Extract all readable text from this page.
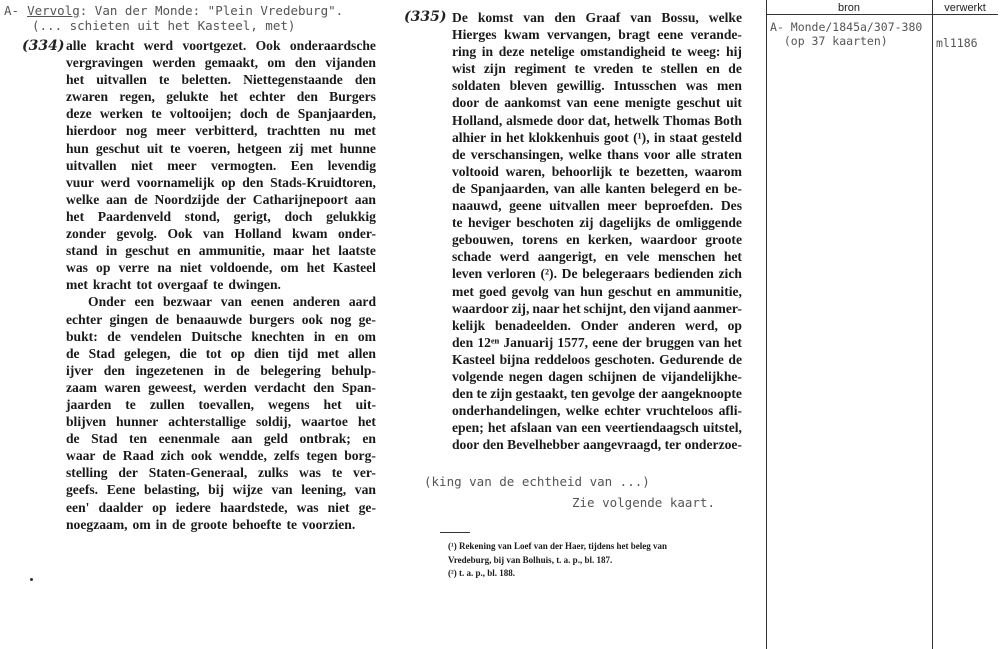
A- Vervolg: Van der Monde: "Plein Vredeburg".
(... schieten uit het Kasteel, met)
(334)
(335)
alle kracht werd voortgezet. Ook onderaardsche
vergravingen werden gemaakt, om den vijanden
het uitvallen te beletten. Niettegenstaande den
zwaren regen, gelukte het echter den Burgers
deze werken te voltooijen; doch de Spanjaarden,
hierdoor nog meer verbitterd, trachtten nu met
hun geschut uit te voeren, hetgeen zij met hunne
uitvallen niet meer vermogten. Een levendig
vuur werd voornamelijk op den Stads-Kruidtoren,
welke aan de Noordzijde der Catharijnepoort aan
het Paardenveld stond, gerigt, doch gelukkig
zonder gevolg. Ook van Holland kwam onder-
stand in geschut en ammunitie, maar het laatste
was op verre na niet voldoende, om het Kasteel
met kracht tot overgaaf te dwingen.
Onder een bezwaar van eenen anderen aard
echter gingen de benaauwde burgers ook nog ge-
bukt: de vendelen Duitsche knechten in en om
de Stad gelegen, die tot op dien tijd met allen
ijver den ingezetenen in de belegering behulp-
zaam waren geweest, werden verdacht den Span-
jaarden te zullen toevallen, wegens het uit-
blijven hunner achterstallige soldij, waartoe het
de Stad ten eenenmale aan geld ontbrak; en
waar de Raad zich ook wendde, zelfs tegen borg-
stelling der Staten-Generaal, zulks was te ver-
geefs. Eene belasting, bij wijze van leening, van
een' daalder op iedere haardstede, was niet ge-
noegzaam, om in de groote behoefte te voorzien.
De komst van den Graaf van Bossu, welke
Hierges kwam vervangen, bragt eene verande-
ring in deze netelige omstandigheid te weeg: hij
wist zijn regiment te vreden te stellen en de
soldaten bleven gewillig. Intusschen was men
door de aankomst van eene menigte geschut uit
Holland, alsmede door dat, hetwelk Thomas Both
alhier in het klokkenhuis goot (¹), in staat gesteld
de verschansingen, welke thans voor alle straten
voltooid waren, behoorlijk te bezetten, waarom
de Spanjaarden, van alle kanten belegerd en be-
naauwd, geene uitvallen meer beproefden. Des
te heviger beschoten zij dagelijks de omliggende
gebouwen, torens en kerken, waardoor groote
schade werd aangerigt, en vele menschen het
leven verloren (²). De belegeraars bedienden zich
met goed gevolg van hun geschut en ammunitie,
waardoor zij, naar het schijnt, den vijand aanmer-
kelijk benadeelden. Onder anderen werd, op
den 12ᵉⁿ Januarij 1577, eene der bruggen van het
Kasteel bijna reddeloos geschoten. Gedurende de
volgende negen dagen schijnen de vijandelijkhe-
den te zijn gestaakt, ten gevolge der aangeknoopte
onderhandelingen, welke echter vruchteloos afli-
epen; het afslaan van een veertiendaagsch uitstel,
door den Bevelhebber aangevraagd, ter onderzoe-
(king van de echtheid van ...)
Zie volgende kaart.
(¹) Rekening van Loef van der Haer, tijdens het beleg van
Vredeburg, bij van Bolhuis, t. a. p., bl. 187.
(²) t. a. p., bl. 188.
bron	verwerkt
A- Monde/1845a/307-380
(op 37 kaarten)	ml1186
